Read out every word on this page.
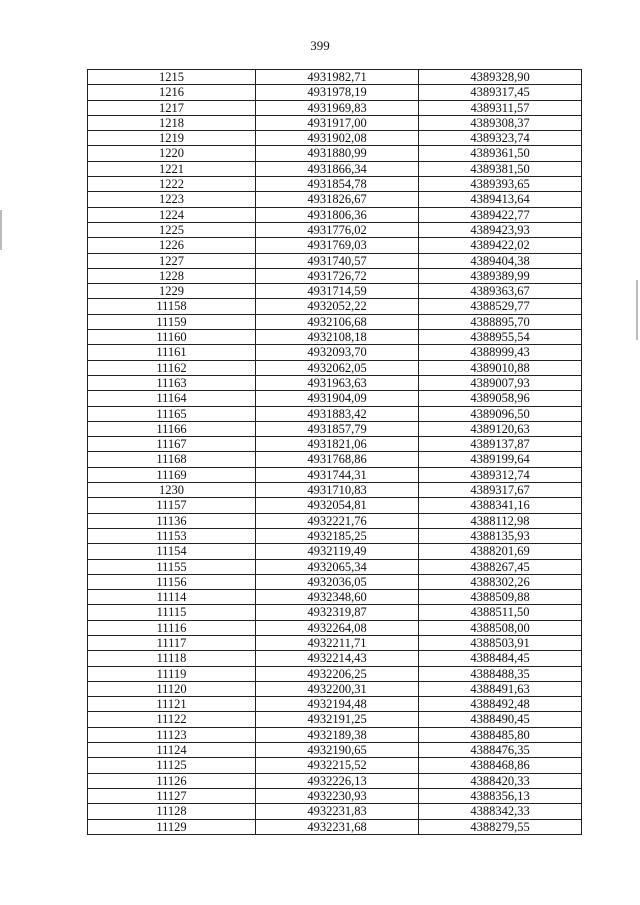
399
1215	4931982,71	4389328,90
1216	4931978,19	4389317,45
1217	4931969,83	4389311,57
1218	4931917,00	4389308,37
1219	4931902,08	4389323,74
1220	4931880,99	4389361,50
1221	4931866,34	4389381,50
1222	4931854,78	4389393,65
1223	4931826,67	4389413,64
1224	4931806,36	4389422,77
1225	4931776,02	4389423,93
1226	4931769,03	4389422,02
1227	4931740,57	4389404,38
1228	4931726,72	4389389,99
1229	4931714,59	4389363,67
11158	4932052,22	4388529,77
11159	4932106,68	4388895,70
11160	4932108,18	4388955,54
11161	4932093,70	4388999,43
11162	4932062,05	4389010,88
11163	4931963,63	4389007,93
11164	4931904,09	4389058,96
11165	4931883,42	4389096,50
11166	4931857,79	4389120,63
11167	4931821,06	4389137,87
11168	4931768,86	4389199,64
11169	4931744,31	4389312,74
1230	4931710,83	4389317,67
11157	4932054,81	4388341,16
11136	4932221,76	4388112,98
11153	4932185,25	4388135,93
11154	4932119,49	4388201,69
11155	4932065,34	4388267,45
11156	4932036,05	4388302,26
11114	4932348,60	4388509,88
11115	4932319,87	4388511,50
11116	4932264,08	4388508,00
11117	4932211,71	4388503,91
11118	4932214,43	4388484,45
11119	4932206,25	4388488,35
11120	4932200,31	4388491,63
11121	4932194,48	4388492,48
11122	4932191,25	4388490,45
11123	4932189,38	4388485,80
11124	4932190,65	4388476,35
11125	4932215,52	4388468,86
11126	4932226,13	4388420,33
11127	4932230,93	4388356,13
11128	4932231,83	4388342,33
11129	4932231,68	4388279,55
